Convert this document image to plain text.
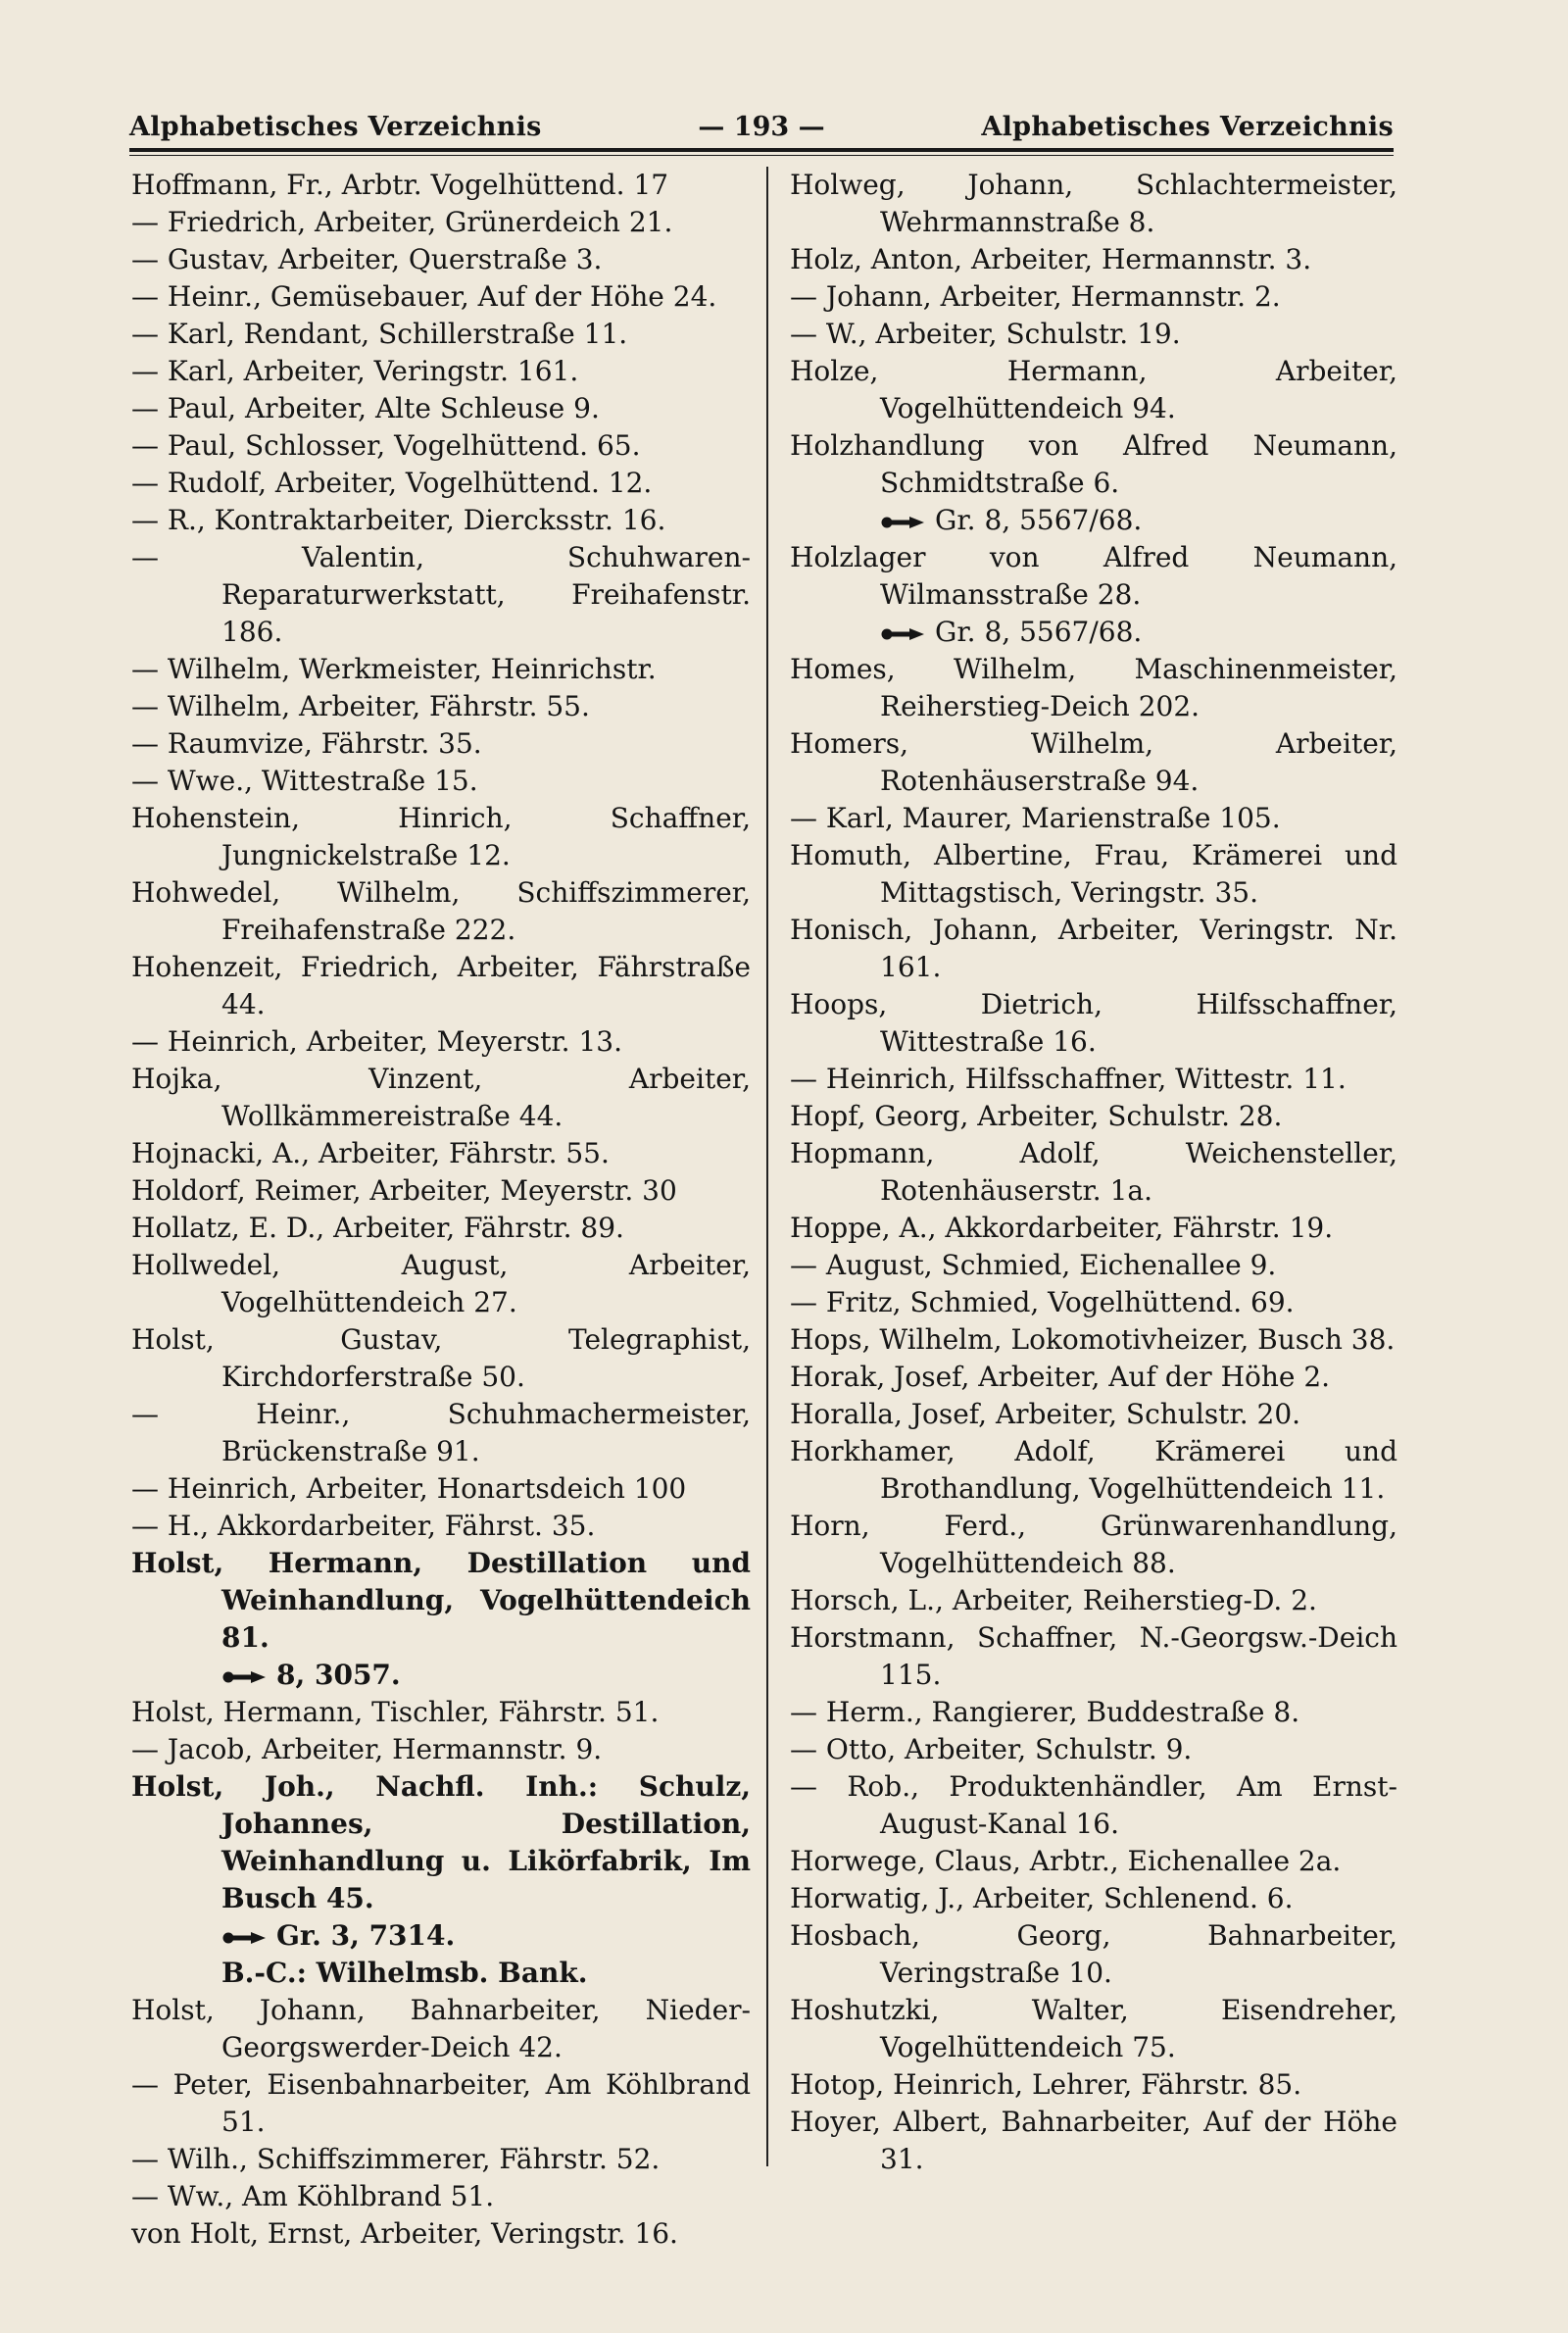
Alphabetisches Verzeichnis	— 193 —	Alphabetisches Verzeichnis
Hoffmann, Fr., Arbtr. Vogelhüttend. 17
— Friedrich, Arbeiter, Grünerdeich 21.
— Gustav, Arbeiter, Querstraße 3.
— Heinr., Gemüsebauer, Auf der Höhe 24.
— Karl, Rendant, Schillerstraße 11.
— Karl, Arbeiter, Veringstr. 161.
— Paul, Arbeiter, Alte Schleuse 9.
— Paul, Schlosser, Vogelhüttend. 65.
— Rudolf, Arbeiter, Vogelhüttend. 12.
— R., Kontraktarbeiter, Diercksstr. 16.
— Valentin, Schuhwaren-Reparaturwerkstatt, Freihafenstr. 186.
— Wilhelm, Werkmeister, Heinrichstr.
— Wilhelm, Arbeiter, Fährstr. 55.
— Raumvize, Fährstr. 35.
— Wwe., Wittestraße 15.
Hohenstein, Hinrich, Schaffner, Jungnickelstraße 12.
Hohwedel, Wilhelm, Schiffszimmerer, Freihafenstraße 222.
Hohenzeit, Friedrich, Arbeiter, Fährstraße 44.
— Heinrich, Arbeiter, Meyerstr. 13.
Hojka, Vinzent, Arbeiter, Wollkämmereistraße 44.
Hojnacki, A., Arbeiter, Fährstr. 55.
Holdorf, Reimer, Arbeiter, Meyerstr. 30
Hollatz, E. D., Arbeiter, Fährstr. 89.
Hollwedel, August, Arbeiter, Vogelhüttendeich 27.
Holst, Gustav, Telegraphist, Kirchdorferstraße 50.
— Heinr., Schuhmachermeister, Brückenstraße 91.
— Heinrich, Arbeiter, Honartsdeich 100
— H., Akkordarbeiter, Fährst. 35.
Holst, Hermann, Destillation und Weinhandlung, Vogelhüttendeich 81.
8, 3057.
Holst, Hermann, Tischler, Fährstr. 51.
— Jacob, Arbeiter, Hermannstr. 9.
Holst, Joh., Nachfl. Inh.: Schulz, Johannes, Destillation, Weinhandlung u. Likörfabrik, Im Busch 45.
Gr. 3, 7314.
B.-C.: Wilhelmsb. Bank.
Holst, Johann, Bahnarbeiter, Nieder-Georgswerder-Deich 42.
— Peter, Eisenbahnarbeiter, Am Köhlbrand 51.
— Wilh., Schiffszimmerer, Fährstr. 52.
— Ww., Am Köhlbrand 51.
von Holt, Ernst, Arbeiter, Veringstr. 16.
Holweg, Johann, Schlachtermeister, Wehrmannstraße 8.
Holz, Anton, Arbeiter, Hermannstr. 3.
— Johann, Arbeiter, Hermannstr. 2.
— W., Arbeiter, Schulstr. 19.
Holze, Hermann, Arbeiter, Vogelhüttendeich 94.
Holzhandlung von Alfred Neumann, Schmidtstraße 6.
Gr. 8, 5567/68.
Holzlager von Alfred Neumann, Wilmansstraße 28.
Gr. 8, 5567/68.
Homes, Wilhelm, Maschinenmeister, Reiherstieg-Deich 202.
Homers, Wilhelm, Arbeiter, Rotenhäuserstraße 94.
— Karl, Maurer, Marienstraße 105.
Homuth, Albertine, Frau, Krämerei und Mittagstisch, Veringstr. 35.
Honisch, Johann, Arbeiter, Veringstr. Nr. 161.
Hoops, Dietrich, Hilfsschaffner, Wittestraße 16.
— Heinrich, Hilfsschaffner, Wittestr. 11.
Hopf, Georg, Arbeiter, Schulstr. 28.
Hopmann, Adolf, Weichensteller, Rotenhäuserstr. 1a.
Hoppe, A., Akkordarbeiter, Fährstr. 19.
— August, Schmied, Eichenallee 9.
— Fritz, Schmied, Vogelhüttend. 69.
Hops, Wilhelm, Lokomotivheizer, Busch 38.
Horak, Josef, Arbeiter, Auf der Höhe 2.
Horalla, Josef, Arbeiter, Schulstr. 20.
Horkhamer, Adolf, Krämerei und Brothandlung, Vogelhüttendeich 11.
Horn, Ferd., Grünwarenhandlung, Vogelhüttendeich 88.
Horsch, L., Arbeiter, Reiherstieg-D. 2.
Horstmann, Schaffner, N.-Georgsw.-Deich 115.
— Herm., Rangierer, Buddestraße 8.
— Otto, Arbeiter, Schulstr. 9.
— Rob., Produktenhändler, Am Ernst-August-Kanal 16.
Horwege, Claus, Arbtr., Eichenallee 2a.
Horwatig, J., Arbeiter, Schlenend. 6.
Hosbach, Georg, Bahnarbeiter, Veringstraße 10.
Hoshutzki, Walter, Eisendreher, Vogelhüttendeich 75.
Hotop, Heinrich, Lehrer, Fährstr. 85.
Hoyer, Albert, Bahnarbeiter, Auf der Höhe 31.
